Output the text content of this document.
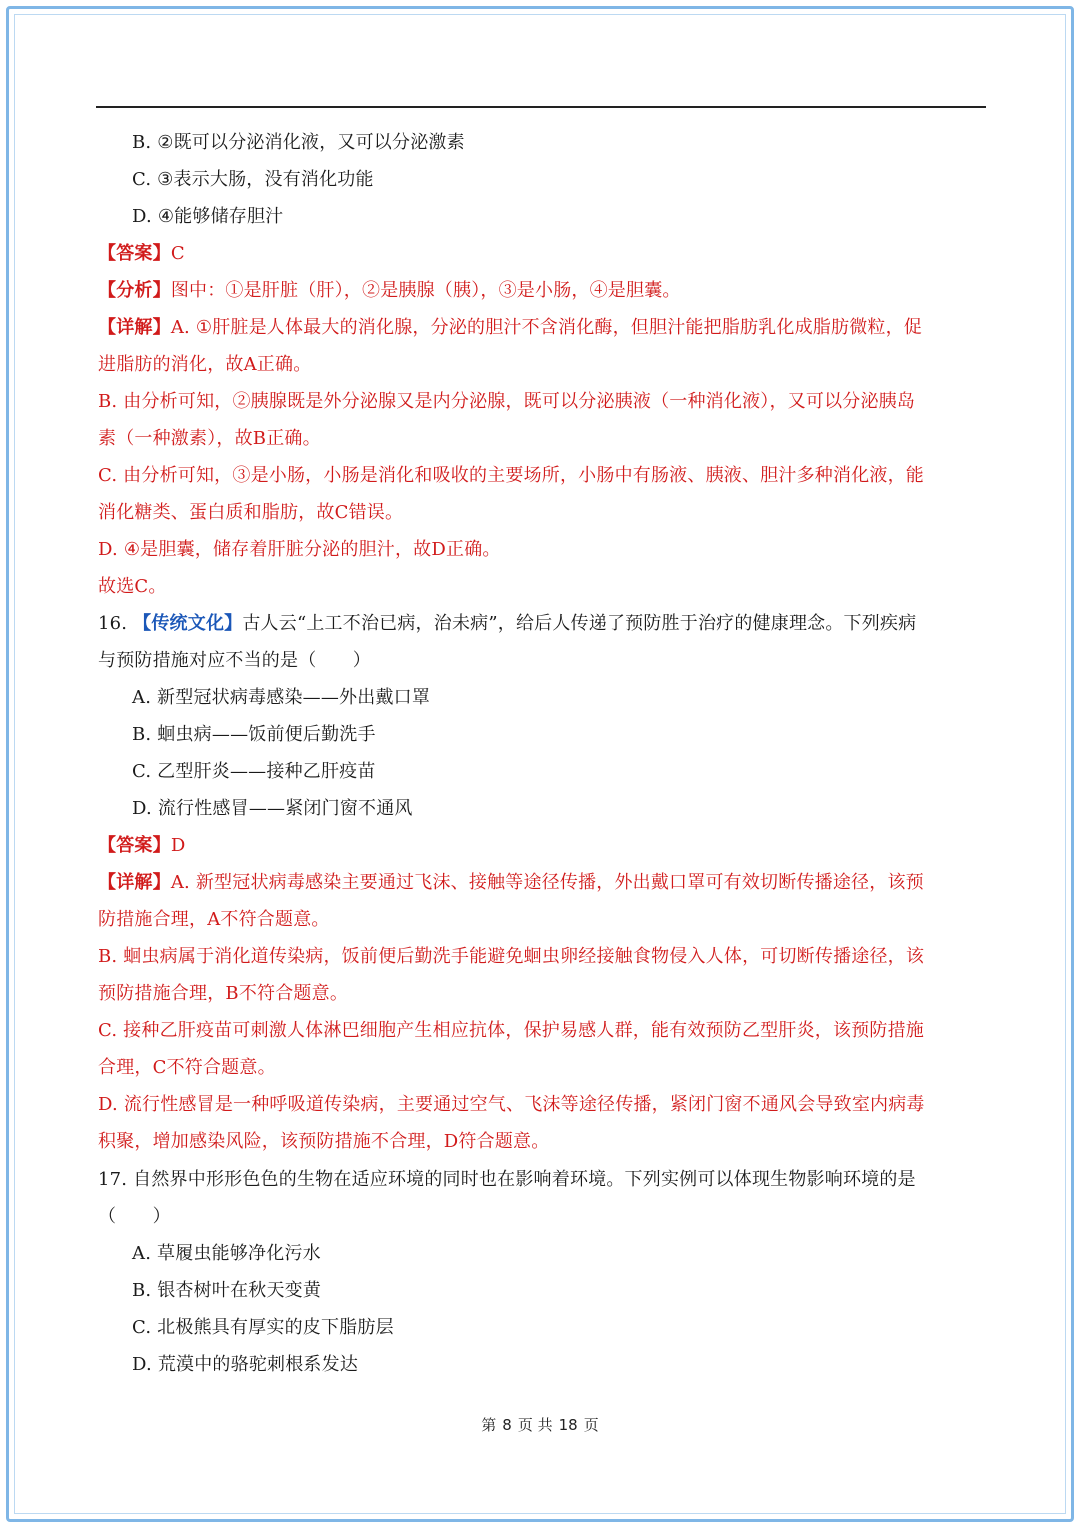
B. ②既可以分泌消化液，又可以分泌激素
C. ③表示大肠，没有消化功能
D. ④能够储存胆汁
【答案】C
【分析】图中：①是肝脏（肝），②是胰腺（胰），③是小肠，④是胆囊。
【详解】A. ①肝脏是人体最大的消化腺，分泌的胆汁不含消化酶，但胆汁能把脂肪乳化成脂肪微粒，促
进脂肪的消化，故A正确。
B. 由分析可知，②胰腺既是外分泌腺又是内分泌腺，既可以分泌胰液（一种消化液），又可以分泌胰岛
素（一种激素），故B正确。
C. 由分析可知，③是小肠，小肠是消化和吸收的主要场所，小肠中有肠液、胰液、胆汁多种消化液，能
消化糖类、蛋白质和脂肪，故C错误。
D. ④是胆囊，储存着肝脏分泌的胆汁，故D正确。
故选C。
16. 【传统文化】古人云“上工不治已病，治未病”，给后人传递了预防胜于治疗的健康理念。下列疾病
与预防措施对应不当的是（　　）
A. 新型冠状病毒感染——外出戴口罩
B. 蛔虫病——饭前便后勤洗手
C. 乙型肝炎——接种乙肝疫苗
D. 流行性感冒——紧闭门窗不通风
【答案】D
【详解】A. 新型冠状病毒感染主要通过飞沫、接触等途径传播，外出戴口罩可有效切断传播途径，该预
防措施合理，A不符合题意。
B. 蛔虫病属于消化道传染病，饭前便后勤洗手能避免蛔虫卵经接触食物侵入人体，可切断传播途径，该
预防措施合理，B不符合题意。
C. 接种乙肝疫苗可刺激人体淋巴细胞产生相应抗体，保护易感人群，能有效预防乙型肝炎，该预防措施
合理，C不符合题意。
D. 流行性感冒是一种呼吸道传染病，主要通过空气、飞沫等途径传播，紧闭门窗不通风会导致室内病毒
积聚，增加感染风险，该预防措施不合理，D符合题意。
17. 自然界中形形色色的生物在适应环境的同时也在影响着环境。下列实例可以体现生物影响环境的是
（　　）
A. 草履虫能够净化污水
B. 银杏树叶在秋天变黄
C. 北极熊具有厚实的皮下脂肪层
D. 荒漠中的骆驼刺根系发达
第 8 页 共 18 页
